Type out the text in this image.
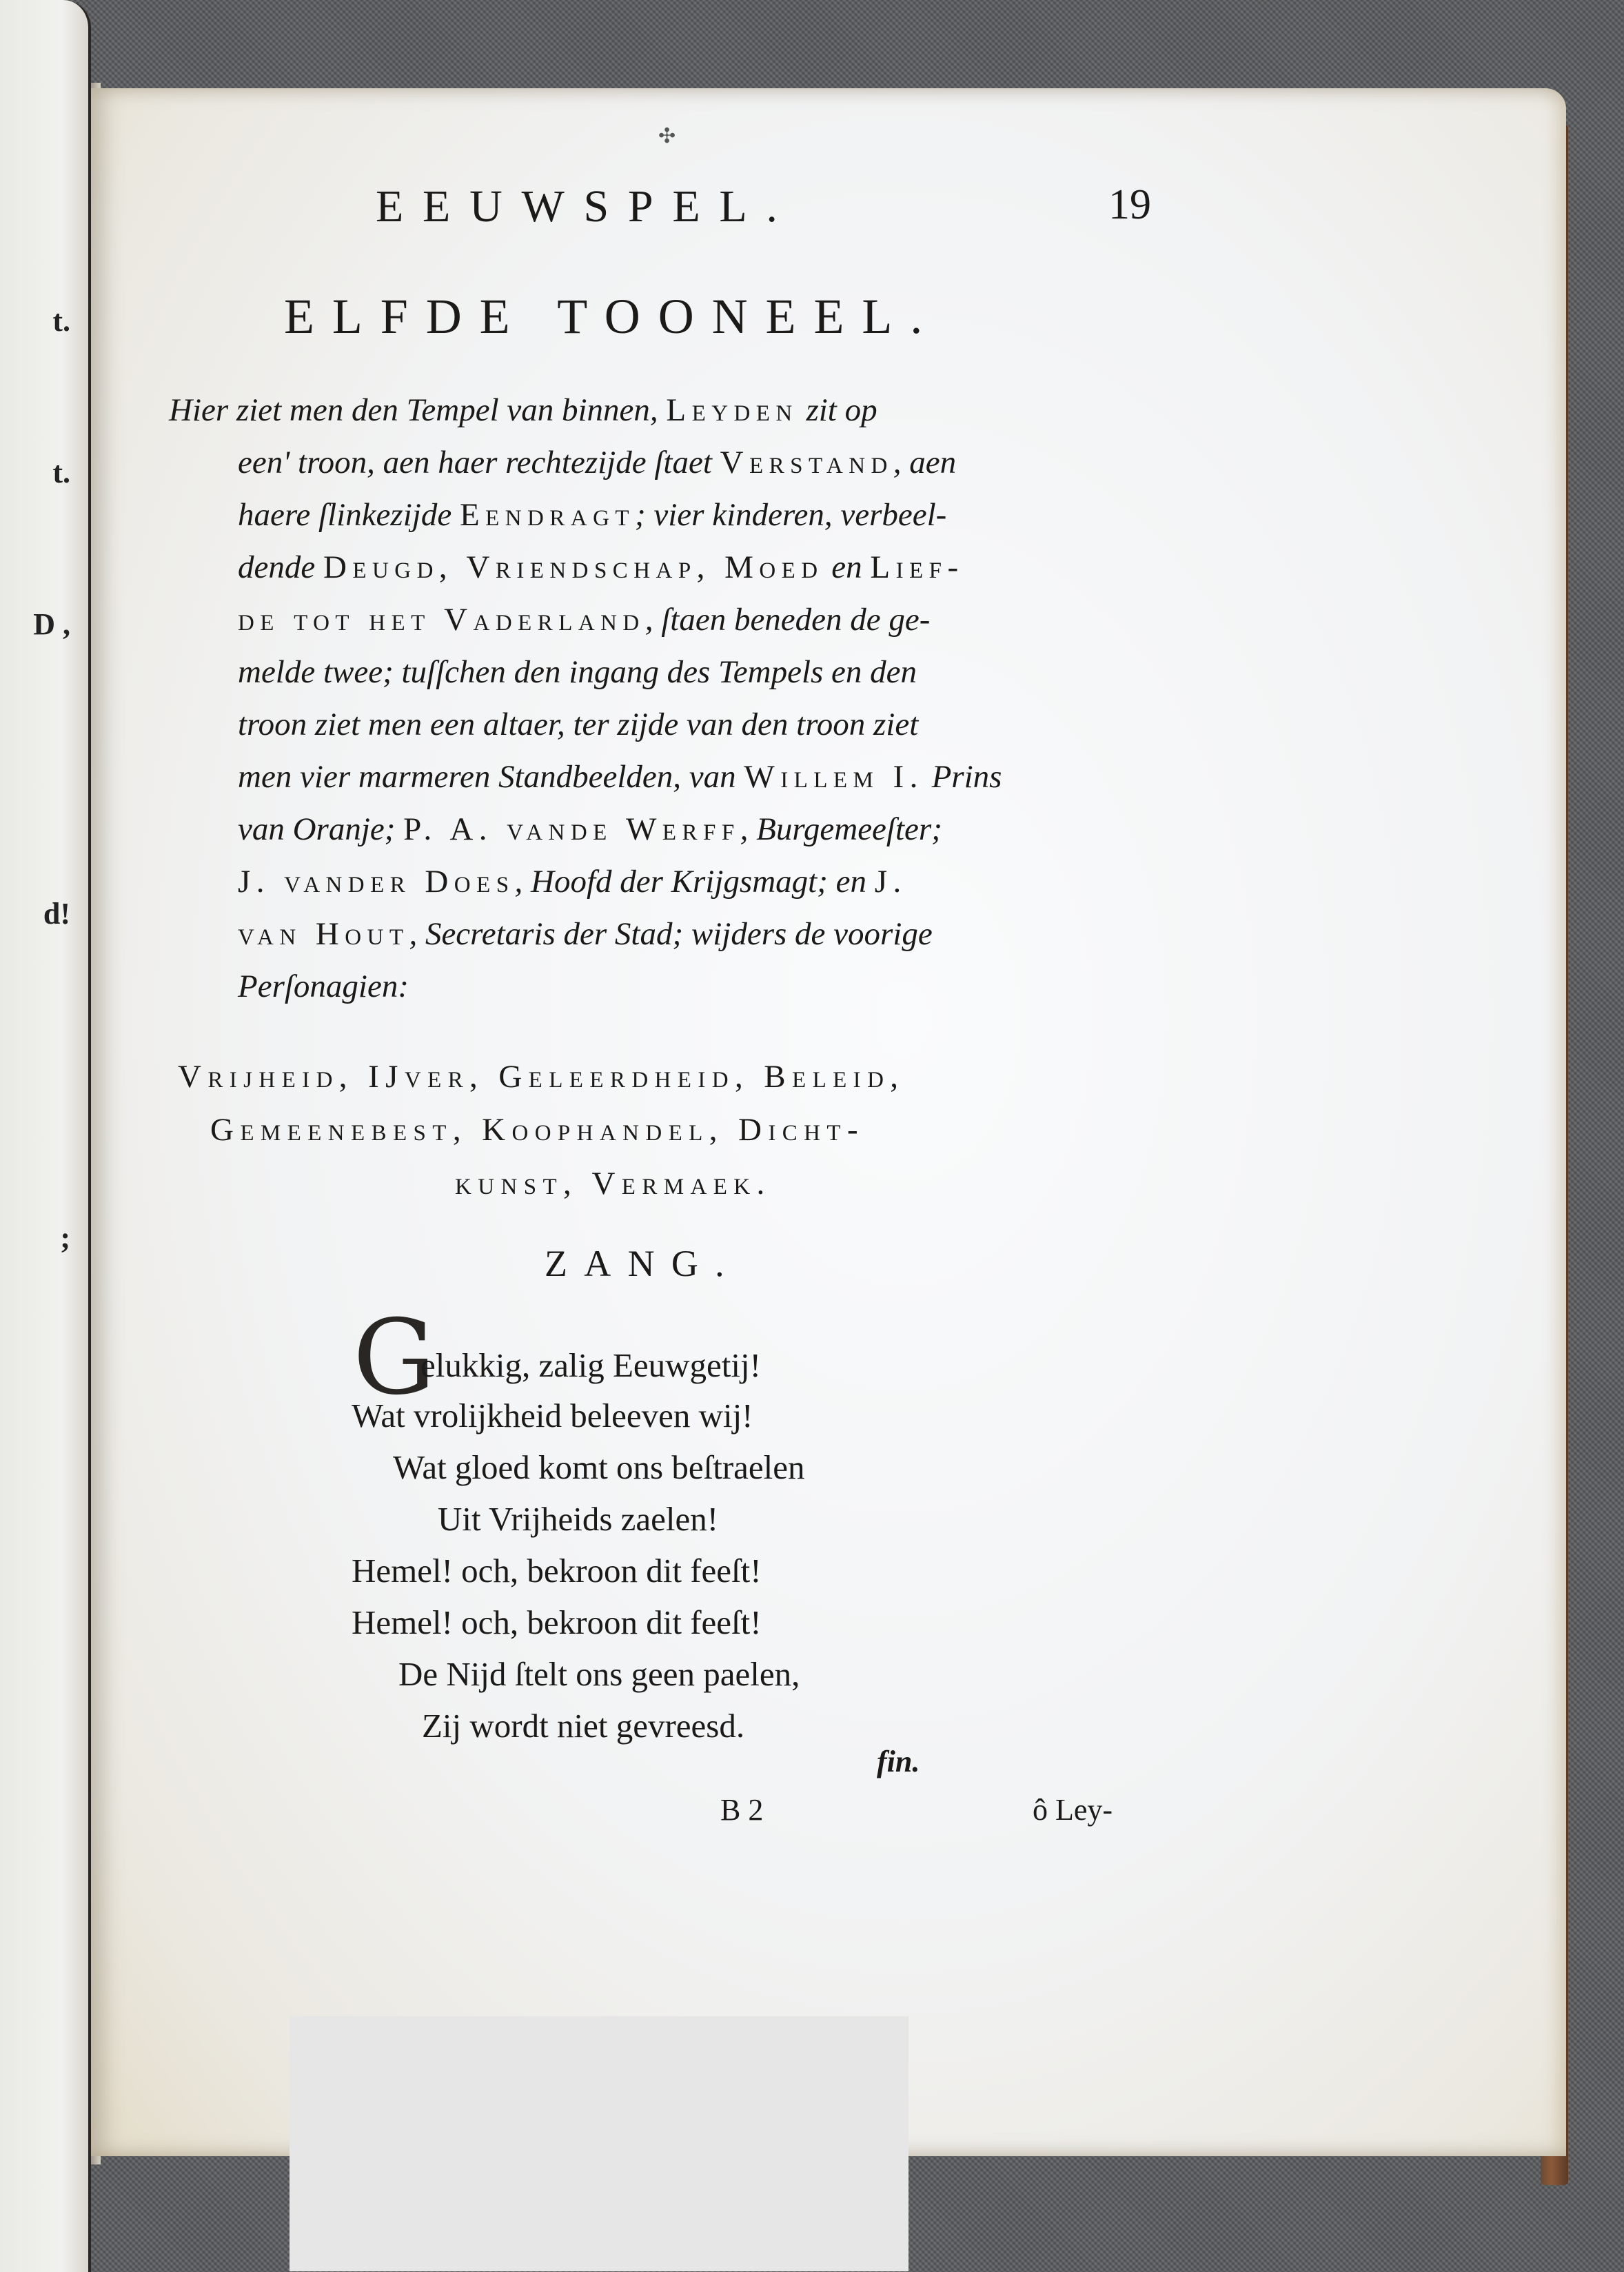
t.
t.
D ,
d!
;
✣
EEUWSPEL.	19
ELFDE TOONEEL.
Hier ziet men den Tempel van binnen, Leyden zit op
een' troon, aen haer rechtezijde ſtaet Verstand, aen
haere ſlinkezijde Eendragt; vier kinderen, verbeel-
dende Deugd, Vriendschap, Moed en Lief-
de tot het Vaderland, ſtaen beneden de ge-
melde twee; tuſſchen den ingang des Tempels en den
troon ziet men een altaer, ter zijde van den troon ziet
men vier marmeren Standbeelden, van Willem I. Prins
van Oranje; P. A. vande Werff, Burgemeeſter;
J. vander Does, Hoofd der Krijgsmagt; en J.
van Hout, Secretaris der Stad; wijders de voorige
Perſonagien:
Vrijheid, IJver, Geleerdheid, Beleid,
Gemeenebest, Koophandel, Dicht-
kunst, Vermaek.
ZANG.
G
elukkig, zalig Eeuwgetij!
Wat vrolijkheid beleeven wij!
Wat gloed komt ons beſtraelen
Uit Vrijheids zaelen!
Hemel! och, bekroon dit feeſt!
Hemel! och, bekroon dit feeſt!
De Nijd ſtelt ons geen paelen,
Zij wordt niet gevreesd.
fin.
B 2	ô Ley-
